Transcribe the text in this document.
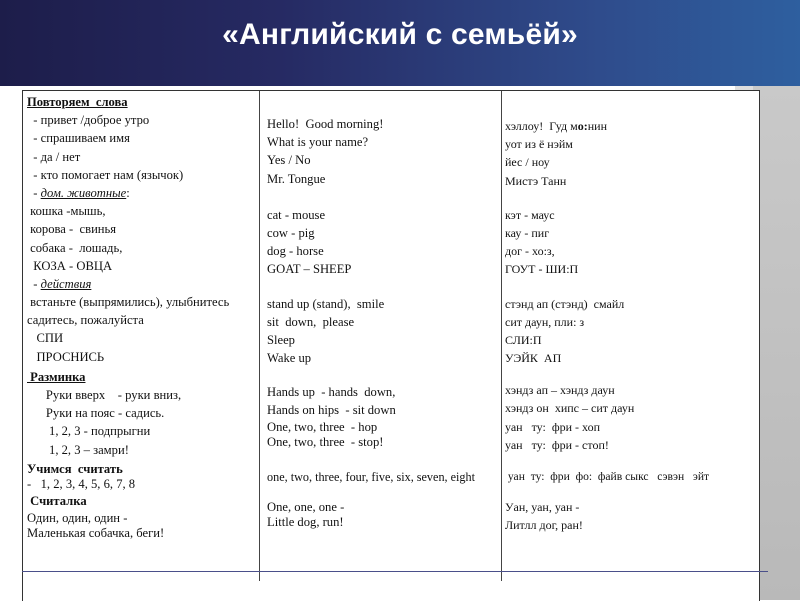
«Английский с семьёй»
Повторяем  слова
- привет /доброе утро
- спрашиваем имя
- да / нет
- кто помогает нам (язычок)
- дом. животные:
кошка -мышь,
корова -  свинья
собака -  лошадь,
КОЗА - ОВЦА
- действия
встаньте (выпрямились), улыбнитесь
садитесь, пожалуйста
СПИ
ПРОСНИСЬ
Разминка
Руки вверх    - руки вниз,
Руки на пояс - садись.
1, 2, 3 - подпрыгни
1, 2, 3 – замри!
Учимся  считать
-   1, 2, 3, 4, 5, 6, 7, 8
Считалка
Один, один, один -
Маленькая собачка, беги!
Hello!  Good morning!
What is your name?
Yes / No
Mr. Tongue
cat - mouse
cow - pig
dog - horse
GOAT – SHEEP
stand up (stand),  smile
sit  down,  please
Sleep
Wake up
Hands up  - hands  down,
Hands on hips  - sit down
One, two, three  - hop
One, two, three  - stop!
one, two, three, four, five, six, seven, eight
One, one, one -
Little dog, run!
хэллоу!  Гуд мо:нин
уот из ё нэйм
йес / ноу
Мистэ Танн
кэт - маус
кау - пиг
дог - хо:з,
ГОУТ - ШИ:П
стэнд ап (стэнд)  смайл
сит даун, пли: з
СЛИ:П
УЭЙК  АП
хэндз ап – хэндз даун
хэндз он  хипс – сит даун
уан   ту:  фри - хоп
уан   ту:  фри - стоп!
уан  ту:  фри  фо:  файв сыкс   сэвэн   эйт
Уан, уан, уан -
Литлл дог, ран!
